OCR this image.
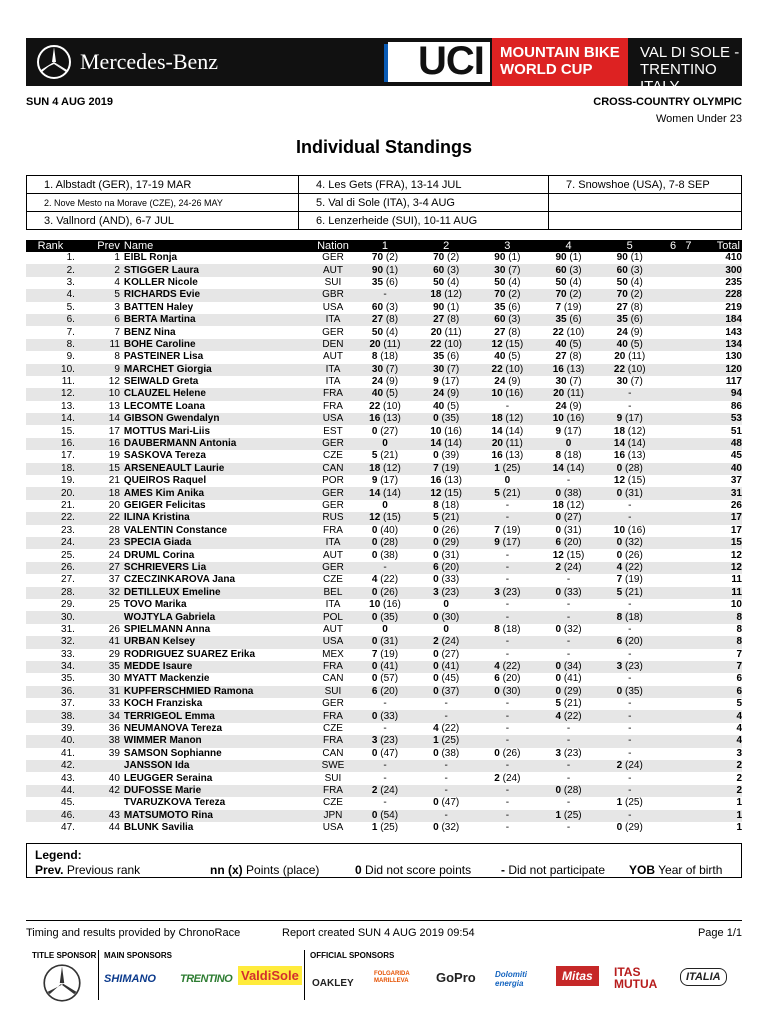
Mercedes-Benz	UCI MOUNTAIN BIKE
WORLD CUP
VAL DI SOLE - TRENTINO
ITALY
SUN 4 AUG 2019	CROSS-COUNTRY OLYMPIC
Women Under 23
Individual Standings
1. Albstadt (GER), 17-19 MAR	4. Les Gets (FRA), 13-14 JUL	7. Snowshoe (USA), 7-8 SEP
2. Nove Mesto na Morave (CZE), 24-26 MAY	5. Val di Sole (ITA), 3-4 AUG	
3. Vallnord (AND), 6-7 JUL	6. Lenzerheide (SUI), 10-11 AUG	
Rank	Prev	Name	Nation	1	2	3	4	5	6 7	Total
1.	1	EIBL Ronja	GER	70 (2)	70 (2)	90 (1)	90 (1)	90 (1)		410
2.	2	STIGGER Laura	AUT	90 (1)	60 (3)	30 (7)	60 (3)	60 (3)		300
3.	4	KOLLER Nicole	SUI	35 (6)	50 (4)	50 (4)	50 (4)	50 (4)		235
4.	5	RICHARDS Evie	GBR	-	18 (12)	70 (2)	70 (2)	70 (2)		228
5.	3	BATTEN Haley	USA	60 (3)	90 (1)	35 (6)	7 (19)	27 (8)		219
6.	6	BERTA Martina	ITA	27 (8)	27 (8)	60 (3)	35 (6)	35 (6)		184
7.	7	BENZ Nina	GER	50 (4)	20 (11)	27 (8)	22 (10)	24 (9)		143
8.	11	BOHE Caroline	DEN	20 (11)	22 (10)	12 (15)	40 (5)	40 (5)		134
9.	8	PASTEINER Lisa	AUT	8 (18)	35 (6)	40 (5)	27 (8)	20 (11)		130
10.	9	MARCHET Giorgia	ITA	30 (7)	30 (7)	22 (10)	16 (13)	22 (10)		120
11.	12	SEIWALD Greta	ITA	24 (9)	9 (17)	24 (9)	30 (7)	30 (7)		117
12.	10	CLAUZEL Helene	FRA	40 (5)	24 (9)	10 (16)	20 (11)	-		94
13.	13	LECOMTE Loana	FRA	22 (10)	40 (5)	-	24 (9)	-		86
14.	14	GIBSON Gwendalyn	USA	16 (13)	0 (35)	18 (12)	10 (16)	9 (17)		53
15.	17	MOTTUS Mari-Liis	EST	0 (27)	10 (16)	14 (14)	9 (17)	18 (12)		51
16.	16	DAUBERMANN Antonia	GER	0	14 (14)	20 (11)	0	14 (14)		48
17.	19	SASKOVA Tereza	CZE	5 (21)	0 (39)	16 (13)	8 (18)	16 (13)		45
18.	15	ARSENEAULT Laurie	CAN	18 (12)	7 (19)	1 (25)	14 (14)	0 (28)		40
19.	21	QUEIROS Raquel	POR	9 (17)	16 (13)	0	-	12 (15)		37
20.	18	AMES Kim Anika	GER	14 (14)	12 (15)	5 (21)	0 (38)	0 (31)		31
21.	20	GEIGER Felicitas	GER	0	8 (18)	-	18 (12)	-		26
22.	22	ILINA Kristina	RUS	12 (15)	5 (21)	-	0 (27)	-		17
23.	28	VALENTIN Constance	FRA	0 (40)	0 (26)	7 (19)	0 (31)	10 (16)		17
24.	23	SPECIA Giada	ITA	0 (28)	0 (29)	9 (17)	6 (20)	0 (32)		15
25.	24	DRUML Corina	AUT	0 (38)	0 (31)	-	12 (15)	0 (26)		12
26.	27	SCHRIEVERS Lia	GER	-	6 (20)	-	2 (24)	4 (22)		12
27.	37	CZECZINKAROVA Jana	CZE	4 (22)	0 (33)	-	-	7 (19)		11
28.	32	DETILLEUX Emeline	BEL	0 (26)	3 (23)	3 (23)	0 (33)	5 (21)		11
29.	25	TOVO Marika	ITA	10 (16)	0	-	-	-		10
30.		WOJTYLA Gabriela	POL	0 (35)	0 (30)	-	-	8 (18)		8
31.	26	SPIELMANN Anna	AUT	0	0	8 (18)	0 (32)	-		8
32.	41	URBAN Kelsey	USA	0 (31)	2 (24)	-	-	6 (20)		8
33.	29	RODRIGUEZ SUAREZ Erika	MEX	7 (19)	0 (27)	-	-	-		7
34.	35	MEDDE Isaure	FRA	0 (41)	0 (41)	4 (22)	0 (34)	3 (23)		7
35.	30	MYATT Mackenzie	CAN	0 (57)	0 (45)	6 (20)	0 (41)	-		6
36.	31	KUPFERSCHMIED Ramona	SUI	6 (20)	0 (37)	0 (30)	0 (29)	0 (35)		6
37.	33	KOCH Franziska	GER	-	-	-	5 (21)	-		5
38.	34	TERRIGEOL Emma	FRA	0 (33)	-	-	4 (22)	-		4
39.	36	NEUMANOVA Tereza	CZE	-	4 (22)	-	-	-		4
40.	38	WIMMER Manon	FRA	3 (23)	1 (25)	-	-	-		4
41.	39	SAMSON Sophianne	CAN	0 (47)	0 (38)	0 (26)	3 (23)	-		3
42.		JANSSON Ida	SWE	-	-	-	-	2 (24)		2
43.	40	LEUGGER Seraina	SUI	-	-	2 (24)	-	-		2
44.	42	DUFOSSE Marie	FRA	2 (24)	-	-	0 (28)	-		2
45.		TVARUZKOVA Tereza	CZE	-	0 (47)	-	-	1 (25)		1
46.	43	MATSUMOTO Rina	JPN	0 (54)	-	-	1 (25)	-		1
47.	44	BLUNK Savilia	USA	1 (25)	0 (32)	-	-	0 (29)		1
Legend:
Prev. Previous rank	nn (x) Points (place)	0 Did not score points - Did not participate YOB Year of birth
Timing and results provided by ChronoRace	Report created SUN 4 AUG 2019 09:54	Page 1/1
TITLE SPONSOR MAIN SPONSORS	OFFICIAL SPONSORS
SHIMANO TRENTINO ValdiSole
OAKLEY
FOLGARIDA MARILLEVA	GoPro Dolomiti energia
Mitas	ITAS MUTUA	ITALIA
